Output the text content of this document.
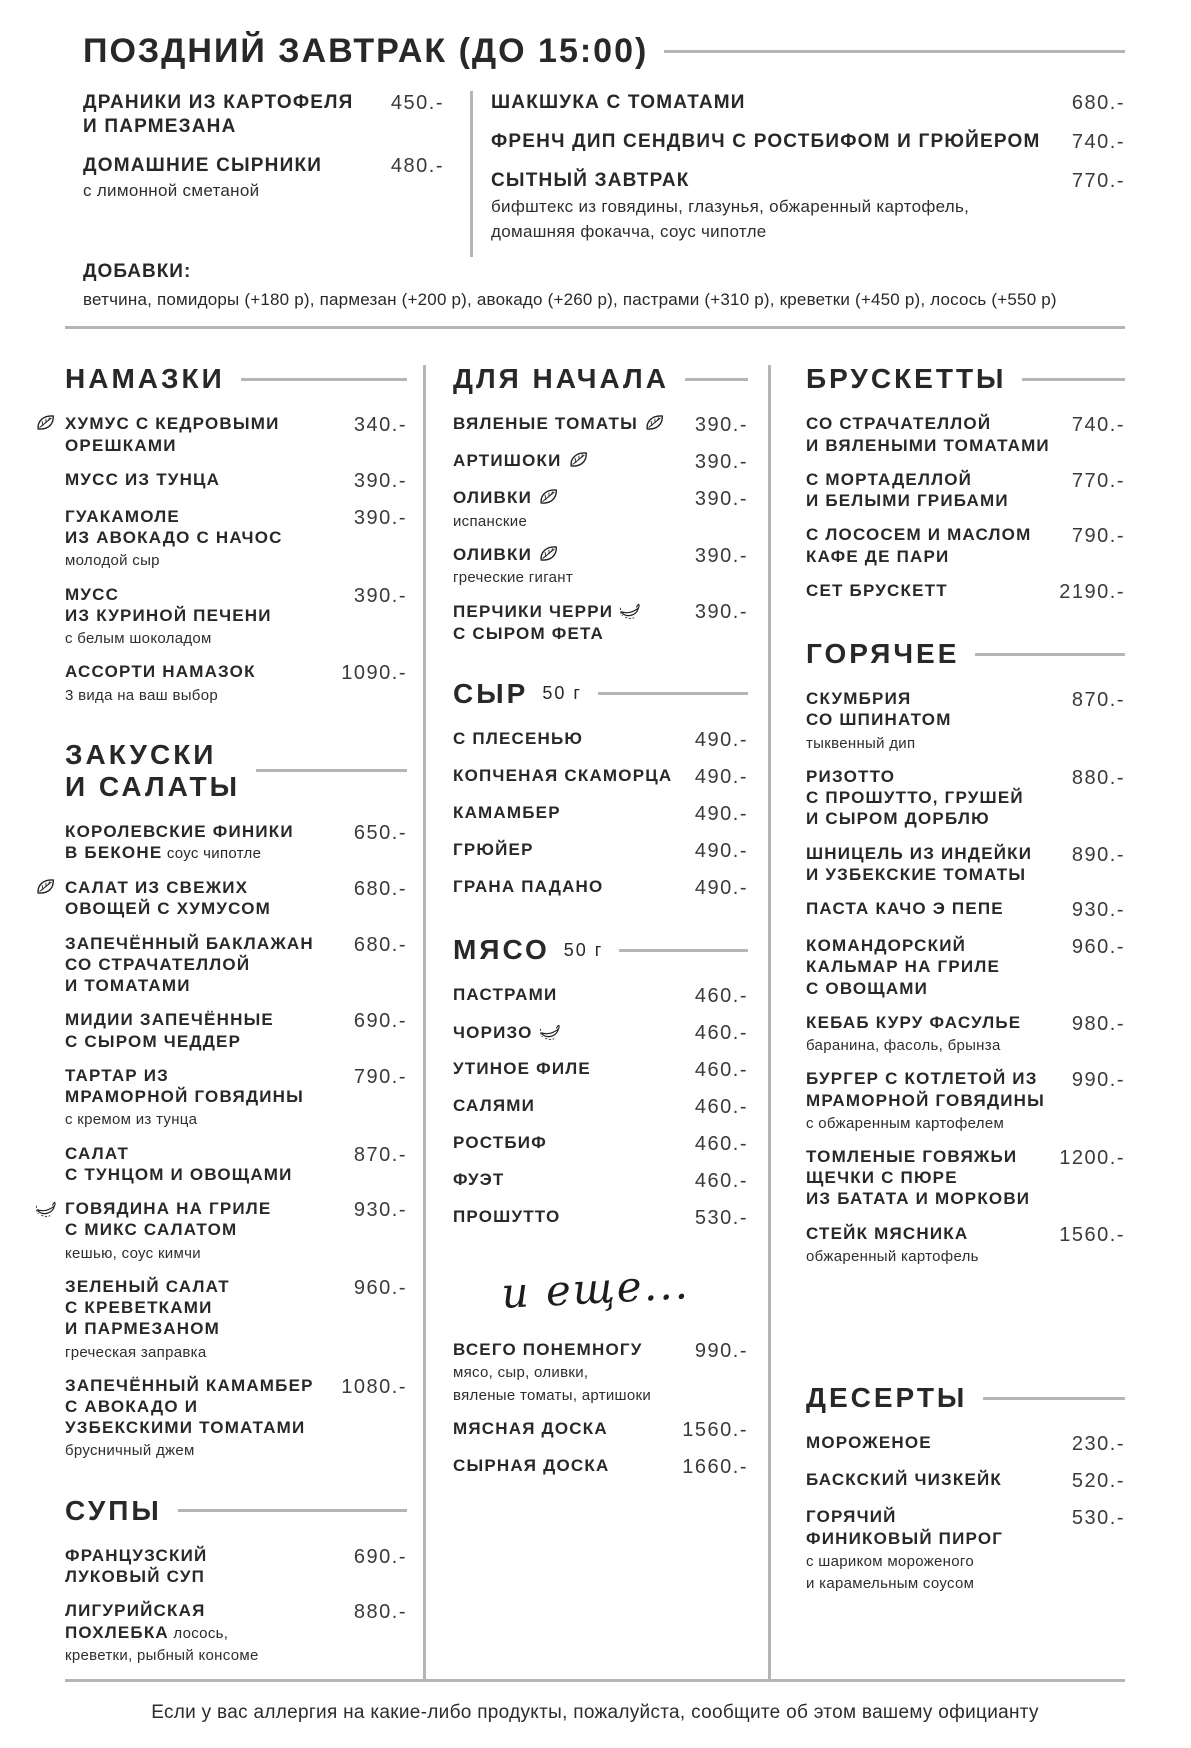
ПОЗДНИЙ ЗАВТРАК (ДО 15:00)
ДРАНИКИ ИЗ КАРТОФЕЛЯ
И ПАРМЕЗАНА
450.-
ДОМАШНИЕ СЫРНИКИ
с лимонной сметаной
480.-
ШАКШУКА С ТОМАТАМИ	680.-
ФРЕНЧ ДИП СЕНДВИЧ С РОСТБИФОМ И ГРЮЙЕРОМ 740.-
СЫТНЫЙ ЗАВТРАК
бифштекс из говядины, глазунья, обжаренный картофель,
домашняя фокачча, соус чипотле
770.-
ДОБАВКИ:
ветчина, помидоры (+180 р), пармезан (+200 р), авокадо (+260 р), пастрами (+310 р), креветки (+450 р), лосось (+550 р)
НАМАЗКИ
ХУМУС С КЕДРОВЫМИ
ОРЕШКАМИ
340.-
МУСС ИЗ ТУНЦА	390.-
ГУАКАМОЛЕ
ИЗ АВОКАДО С НАЧОС
молодой сыр
390.-
МУСС
ИЗ КУРИНОЙ ПЕЧЕНИ
с белым шоколадом
390.-
АССОРТИ НАМАЗОК
3 вида на ваш выбор
1090.-
ЗАКУСКИ
И САЛАТЫ
КОРОЛЕВСКИЕ ФИНИКИ
В БЕКОНЕ соус чипотле
650.-
САЛАТ ИЗ СВЕЖИХ
ОВОЩЕЙ С ХУМУСОМ
680.-
ЗАПЕЧЁННЫЙ БАКЛАЖАН
СО СТРАЧАТЕЛЛОЙ
И ТОМАТАМИ
680.-
МИДИИ ЗАПЕЧЁННЫЕ
С СЫРОМ ЧЕДДЕР
690.-
ТАРТАР ИЗ
МРАМОРНОЙ ГОВЯДИНЫ
с кремом из тунца
790.-
САЛАТ
С ТУНЦОМ И ОВОЩАМИ
870.-
ГОВЯДИНА НА ГРИЛЕ
С МИКС САЛАТОМ
кешью, соус кимчи
930.-
ЗЕЛЕНЫЙ САЛАТ
С КРЕВЕТКАМИ
И ПАРМЕЗАНОМ
греческая заправка
960.-
ЗАПЕЧЁННЫЙ КАМАМБЕР
С АВОКАДО И
УЗБЕКСКИМИ ТОМАТАМИ
брусничный джем
1080.-
СУПЫ
ФРАНЦУЗСКИЙ
ЛУКОВЫЙ СУП
690.-
ЛИГУРИЙСКАЯ
ПОХЛЕБКА лосось,
креветки, рыбный консоме
880.-
ДЛЯ НАЧАЛА
ВЯЛЕНЫЕ ТОМАТЫ	390.-
АРТИШОКИ	390.-
ОЛИВКИ
испанские
390.-
ОЛИВКИ
греческие гигант
390.-
ПЕРЧИКИ ЧЕРРИ

С СЫРОМ ФЕТА
390.-
СЫР 50 г
С ПЛЕСЕНЬЮ	490.-
КОПЧЕНАЯ СКАМОРЦА 490.-
КАМАМБЕР	490.-
ГРЮЙЕР	490.-
ГРАНА ПАДАНО	490.-
МЯСО 50 г
ПАСТРАМИ	460.-
ЧОРИЗО	460.-
УТИНОЕ ФИЛЕ	460.-
САЛЯМИ	460.-
РОСТБИФ	460.-
ФУЭТ	460.-
ПРОШУТТО	530.-
и еще...
ВСЕГО ПОНЕМНОГУ
мясо, сыр, оливки,
вяленые томаты, артишоки
990.-
МЯСНАЯ ДОСКА	1560.-
СЫРНАЯ ДОСКА	1660.-
БРУСКЕТТЫ
СО СТРАЧАТЕЛЛОЙ
И ВЯЛЕНЫМИ ТОМАТАМИ
740.-
С МОРТАДЕЛЛОЙ
И БЕЛЫМИ ГРИБАМИ
770.-
С ЛОСОСЕМ И МАСЛОМ
КАФЕ ДЕ ПАРИ
790.-
СЕТ БРУСКЕТТ	2190.-
ГОРЯЧЕЕ
СКУМБРИЯ
СО ШПИНАТОМ
тыквенный дип
870.-
РИЗОТТО
С ПРОШУТТО, ГРУШЕЙ
И СЫРОМ ДОРБЛЮ
880.-
ШНИЦЕЛЬ ИЗ ИНДЕЙКИ
И УЗБЕКСКИЕ ТОМАТЫ
890.-
ПАСТА КАЧО Э ПЕПЕ	930.-
КОМАНДОРСКИЙ
КАЛЬМАР НА ГРИЛЕ
С ОВОЩАМИ
960.-
КЕБАБ КУРУ ФАСУЛЬЕ
баранина, фасоль, брынза
980.-
БУРГЕР С КОТЛЕТОЙ ИЗ
МРАМОРНОЙ ГОВЯДИНЫ
с обжаренным картофелем
990.-
ТОМЛЕНЫЕ ГОВЯЖЬИ
ЩЕЧКИ С ПЮРЕ
ИЗ БАТАТА И МОРКОВИ
1200.-
СТЕЙК МЯСНИКА
обжаренный картофель
1560.-
ДЕСЕРТЫ
МОРОЖЕНОЕ	230.-
БАСКСКИЙ ЧИЗКЕЙК	520.-
ГОРЯЧИЙ
ФИНИКОВЫЙ ПИРОГ
с шариком мороженого
и карамельным соусом
530.-

Если у вас аллергия на какие-либо продукты, пожалуйста, сообщите об этом вашему официанту
